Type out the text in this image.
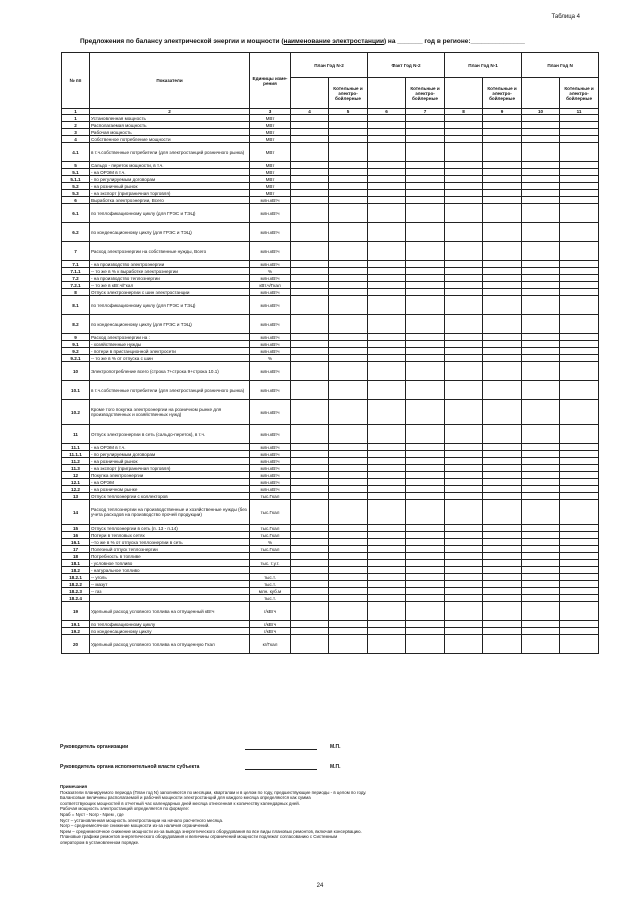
Таблица 4
Предложения по балансу электрической энергии и мощности (наименование электростанции) на _______ год в регионе:_______________
№ пп	Показатели	Единицы изме-рения	План Год N-2		Факт Год N-2		План Год N-1		План Год N	
				Котельные и электро-бойлерные		Котельные и электро-бойлерные		Котельные и электро-бойлерные		Котельные и электро-бойлерные
1	2	3	4	5	6	7	8	9	10	11
1	Установленная мощность	МВт								
2	Располагаемая мощность	МВт								
3	Рабочая мощность	МВт								
4	Собственное потребление мощности	МВт								
4.1	в т.ч.собственные потребители (для электростанций розничного рынка)	МВт								
5	Сальдо - переток мощности, в т.ч.	МВт								
5.1	- на ОРЭМ в т.ч.	МВт								
5.1.1	- по регулируемым договорам	МВт								
5.2	- на розничный рынок	МВт								
5.3	- на экспорт (приграничная торговля)	МВт								
6	Выработка электроэнергии, Всего	млн.кВтч								
6.1	по теплофикационному циклу (для ГРЭС и ТЭЦ)	млн.кВтч								
6.2	по конденсационному циклу (для ГРЭС и ТЭЦ)	млн.кВтч								
7	Расход электроэнергии на собственные нужды, Всего	млн.кВтч								
7.1	- на производство электроэнергии	млн.кВтч								
7.1.1	-- то же в % к выработке электроэнергии	%								
7.2	- на производство теплоэнергии	млн.кВтч								
7.2.1	-- то же в кВт.ч/Гкал	кВт.ч/Гкал								
8	Отпуск электроэнергии с шин электростанции	млн.кВтч								
8.1	по теплофикационному циклу (для ГРЭС и ТЭЦ)	млн.кВтч								
8.2	по конденсационному циклу (для ГРЭС и ТЭЦ)	млн.кВтч								
9	Расход электроэнергии на :	млн.кВтч								
9.1	- хозяйственные нужды	млн.кВтч								
9.2	- потери в пристанционной электросети	млн.кВтч								
9.2.1	-- то же в % от отпуска с шин	%								
10	Электропотребление всего (строка 7+строка 9+строка 10.1)	млн.кВтч								
10.1	в т.ч.собственные потребители (для электростанций розничного рынка)	млн.кВтч								
10.2	Кроме того покупка электроэнергии на розничном рынке для производственных и хозяйственных нужд)	млн.кВтч								
11	Отпуск электроэнергии в сеть (сальдо-переток), в т.ч.	млн.кВтч								
11.1	- на ОРЭМ в т.ч.	млн.кВтч								
11.1.1	- по регулируемым договорам	млн.кВтч								
11.2	- на розничный рынок	млн.кВтч								
11.3	- на экспорт (приграничная торговля)	млн.кВтч								
12	Покупка электроэнергии	млн.кВтч								
12.1	- на ОРЭМ	млн.кВтч								
12.2	- на розничном рынке	млн.кВтч								
13	Отпуск теплоэнергии с коллекторов	тыс.Гкал								
14	Расход теплоэнергии на производственные и хозяйственные нужды (без учета расходов на производство прочей продукции)	тыс.Гкал								
15	Отпуск теплоэнергии в сеть (п. 13 - п.14)	тыс.Гкал								
16	Потери в тепловых сетях	тыс.Гкал								
16.1	--то же в % от отпуска теплоэнергии в сеть	%								
17	Полезный отпуск теплоэнергии	тыс.Гкал								
18	Потребность в топливе									
18.1	- условное топливо	тыс. т.у.т.								
18.2	- натуральное топливо									
18.2.1	-- уголь	тыс.т.								
18.2.2	-- мазут	тыс.т.								
18.2.3	-- газ	млн. куб.м								
18.2.4		тыс.т.								
19	Удельный расход условного топлива на отпущенный кВтч	г/кВтч								
19.1	по теплофикационному циклу	г/кВтч								
19.2	по конденсационному циклу	г/кВтч								
20	Удельный расход условного топлива на отпущенную Гкал	кг/Гкал								
Руководитель организации	М.П.
Руководитель органа исполнительной власти субъекта	М.П.

Примечания

Показатели планируемого периода (План год N) заполняются по месяцам, кварталам и в целом по году, предшествующие периоды - в целом по году.

Балансовые величины располагаемой и рабочей мощности электростанций для каждого месяца определяются как сумма

соответствующих мощностей в отчетный час календарных дней месяца отнесенная к количеству календарных дней.

Рабочая мощность электростанций определяется по формуле:

Nраб = Nуст - Nогр - Nрем , где

Nуст – установленная мощность электростанции на начало расчетного месяца.

Nогр – среднемесячное снижение мощности из-за наличия ограничений.

Nрем – среднемесячное снижение мощности из-за вывода энергетического оборудования во все виды плановых ремонтов, включая консервацию.

Плановые графики ремонтов энергетического оборудования и величины ограничений мощности подлежат согласованию с Системным

оператором в установленном порядке.

24
